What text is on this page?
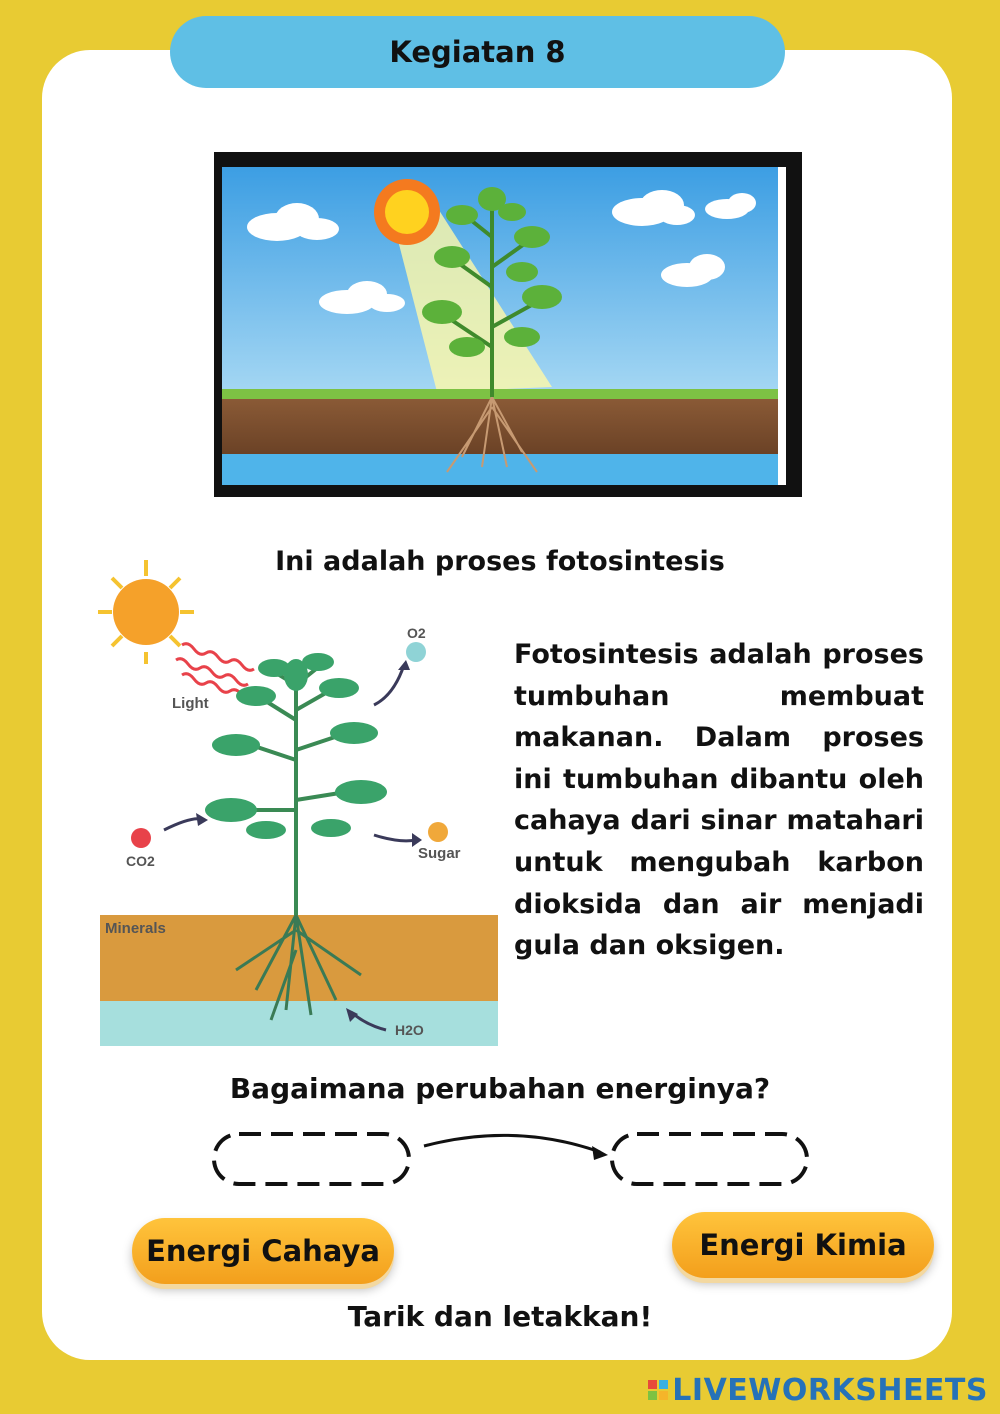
Kegiatan 8
Ini adalah proses fotosintesis
Light
O2
CO2	Sugar
Minerals
H2O
Fotosintesis adalah proses tumbuhan membuat makanan. Dalam proses ini tumbuhan dibantu oleh cahaya dari sinar matahari untuk mengubah karbon dioksida dan air menjadi gula dan oksigen.
Bagaimana perubahan energinya?
Energi Cahaya	Energi Kimia
Tarik dan letakkan!
LIVEWORKSHEETS
